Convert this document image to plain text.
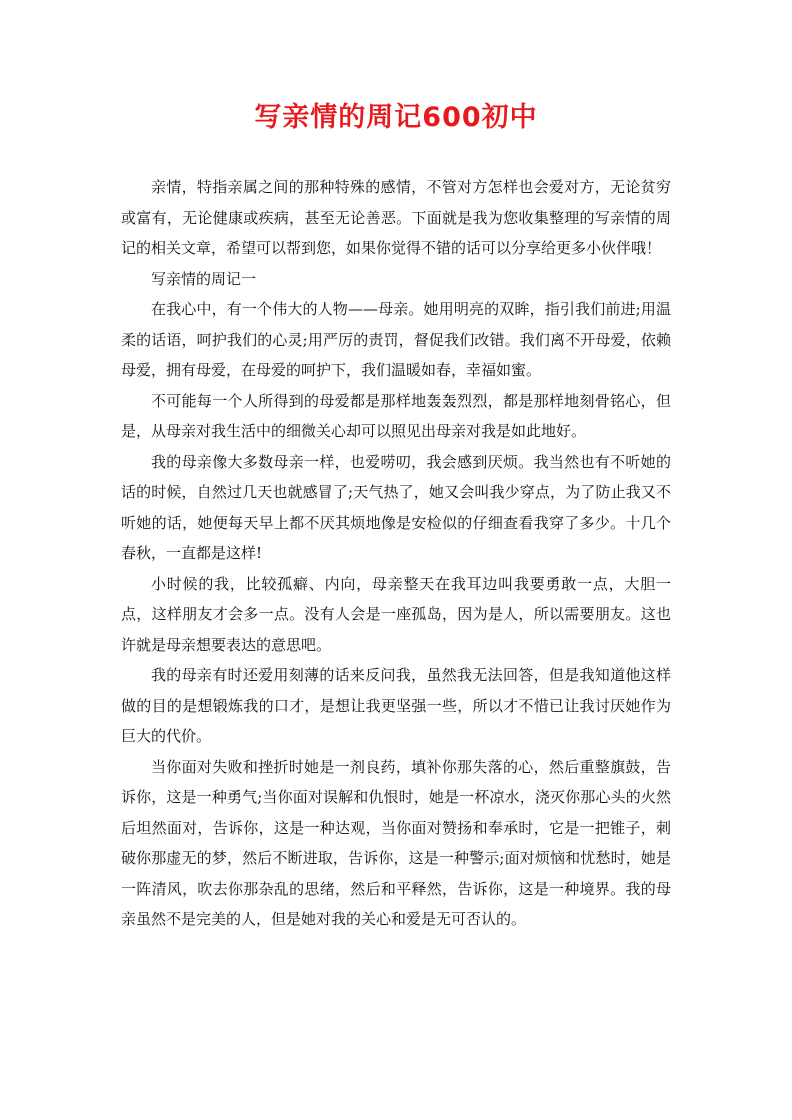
写亲情的周记600初中

亲情，特指亲属之间的那种特殊的感情，不管对方怎样也会爱对方，无论贫穷或富有，无论健康或疾病，甚至无论善恶。下面就是我为您收集整理的写亲情的周记的相关文章，希望可以帮到您，如果你觉得不错的话可以分享给更多小伙伴哦！

写亲情的周记一

在我心中，有一个伟大的人物——母亲。她用明亮的双眸，指引我们前进;用温柔的话语，呵护我们的心灵;用严厉的责罚，督促我们改错。我们离不开母爱，依赖母爱，拥有母爱，在母爱的呵护下，我们温暖如春，幸福如蜜。

不可能每一个人所得到的母爱都是那样地轰轰烈烈，都是那样地刻骨铭心，但是，从母亲对我生活中的细微关心却可以照见出母亲对我是如此地好。

我的母亲像大多数母亲一样，也爱唠叨，我会感到厌烦。我当然也有不听她的话的时候，自然过几天也就感冒了;天气热了，她又会叫我少穿点，为了防止我又不听她的话，她便每天早上都不厌其烦地像是安检似的仔细查看我穿了多少。十几个春秋，一直都是这样!

小时候的我，比较孤癖、内向，母亲整天在我耳边叫我要勇敢一点，大胆一点，这样朋友才会多一点。没有人会是一座孤岛，因为是人，所以需要朋友。这也许就是母亲想要表达的意思吧。

我的母亲有时还爱用刻薄的话来反问我，虽然我无法回答，但是我知道他这样做的目的是想锻炼我的口才，是想让我更坚强一些，所以才不惜已让我讨厌她作为巨大的代价。

当你面对失败和挫折时她是一剂良药，填补你那失落的心，然后重整旗鼓，告诉你，这是一种勇气;当你面对误解和仇恨时，她是一杯凉水，浇灭你那心头的火然后坦然面对，告诉你，这是一种达观，当你面对赞扬和奉承时，它是一把锥子，刺破你那虚无的梦，然后不断进取，告诉你，这是一种警示;面对烦恼和忧愁时，她是一阵清风，吹去你那杂乱的思绪，然后和平释然，告诉你，这是一种境界。我的母亲虽然不是完美的人，但是她对我的关心和爱是无可否认的。
